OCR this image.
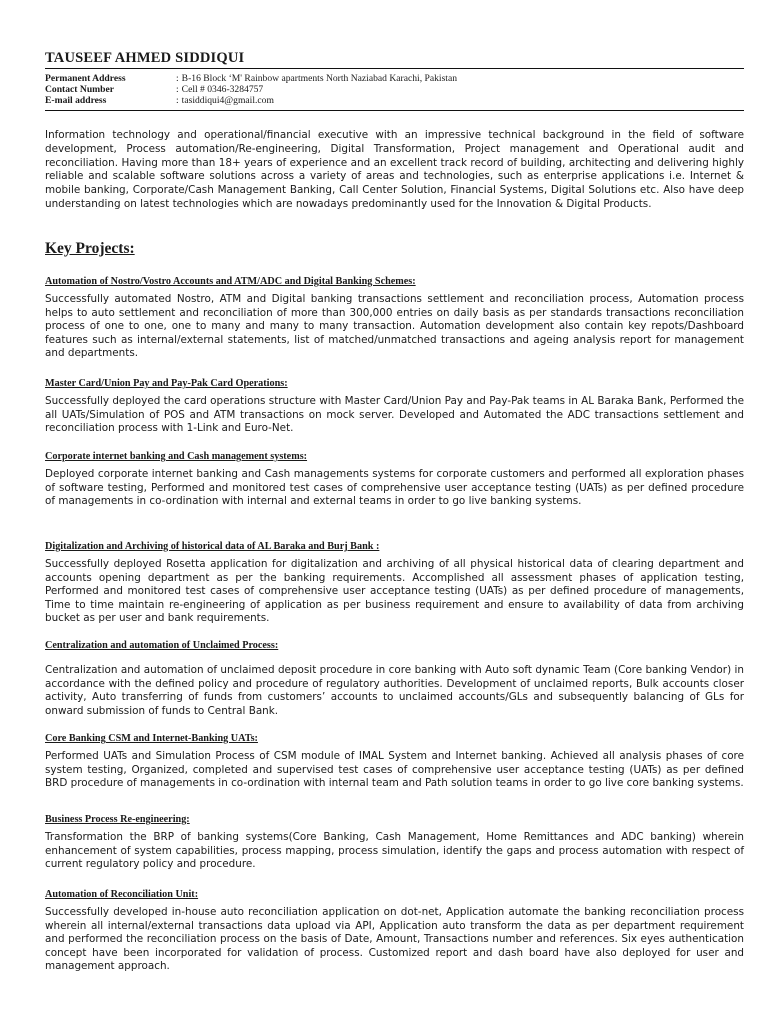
TAUSEEF AHMED SIDDIQUI
Permanent Address	: B-16 Block ‘M' Rainbow apartments North Naziabad Karachi, Pakistan
Contact Number	: Cell # 0346-3284757
E-mail address	: tasiddiqui4@gmail.com

Information technology and operational/financial executive with an impressive technical background in the field of software development, Process automation/Re-engineering, Digital Transformation, Project management and Operational audit and reconciliation. Having more than 18+ years of experience and an excellent track record of building, architecting and delivering highly reliable and scalable software solutions across a variety of areas and technologies, such as enterprise applications i.e. Internet & mobile banking, Corporate/Cash Management Banking, Call Center Solution, Financial Systems, Digital Solutions etc. Also have deep understanding on latest technologies which are nowadays predominantly used for the Innovation & Digital Products.

Key Projects:

Automation of Nostro/Vostro Accounts and ATM/ADC and Digital Banking Schemes:

Successfully automated Nostro, ATM and Digital banking transactions settlement and reconciliation process, Automation process helps to auto settlement and reconciliation of more than 300,000 entries on daily basis as per standards transactions reconciliation process of one to one, one to many and many to many transaction. Automation development also contain key repots/Dashboard features such as internal/external statements, list of matched/unmatched transactions and ageing analysis report for management and departments.

Master Card/Union Pay and Pay-Pak Card Operations:

Successfully deployed the card operations structure with Master Card/Union Pay and Pay-Pak teams in AL Baraka Bank, Performed the all UATs/Simulation of POS and ATM transactions on mock server. Developed and Automated the ADC transactions settlement and reconciliation process with 1-Link and Euro-Net.

Corporate internet banking and Cash management systems:

Deployed corporate internet banking and Cash managements systems for corporate customers and performed all exploration phases of software testing, Performed and monitored test cases of comprehensive user acceptance testing (UATs) as per defined procedure of managements in co-ordination with internal and external teams in order to go live banking systems.

Digitalization and Archiving of historical data of AL Baraka and Burj Bank :

Successfully deployed Rosetta application for digitalization and archiving of all physical historical data of clearing department and accounts opening department as per the banking requirements. Accomplished all assessment phases of application testing, Performed and monitored test cases of comprehensive user acceptance testing (UATs) as per defined procedure of managements, Time to time maintain re-engineering of application as per business requirement and ensure to availability of data from archiving bucket as per user and bank requirements.

Centralization and automation of Unclaimed Process:

Centralization and automation of unclaimed deposit procedure in core banking with Auto soft dynamic Team (Core banking Vendor) in accordance with the defined policy and procedure of regulatory authorities. Development of unclaimed reports, Bulk accounts closer activity, Auto transferring of funds from customers’ accounts to unclaimed accounts/GLs and subsequently balancing of GLs for onward submission of funds to Central Bank.

Core Banking CSM and Internet-Banking UATs:

Performed UATs and Simulation Process of CSM module of IMAL System and Internet banking. Achieved all analysis phases of core system testing, Organized, completed and supervised test cases of comprehensive user acceptance testing (UATs) as per defined BRD procedure of managements in co-ordination with internal team and Path solution teams in order to go live core banking systems.

Business Process Re-engineering:

Transformation the BRP of banking systems(Core Banking, Cash Management, Home Remittances and ADC banking) wherein enhancement of system capabilities, process mapping, process simulation, identify the gaps and process automation with respect of current regulatory policy and procedure.

Automation of Reconciliation Unit:

Successfully developed in-house auto reconciliation application on dot-net, Application automate the banking reconciliation process wherein all internal/external transactions data upload via API, Application auto transform the data as per department requirement and performed the reconciliation process on the basis of Date, Amount, Transactions number and references. Six eyes authentication concept have been incorporated for validation of process. Customized report and dash board have also deployed for user and management approach.
